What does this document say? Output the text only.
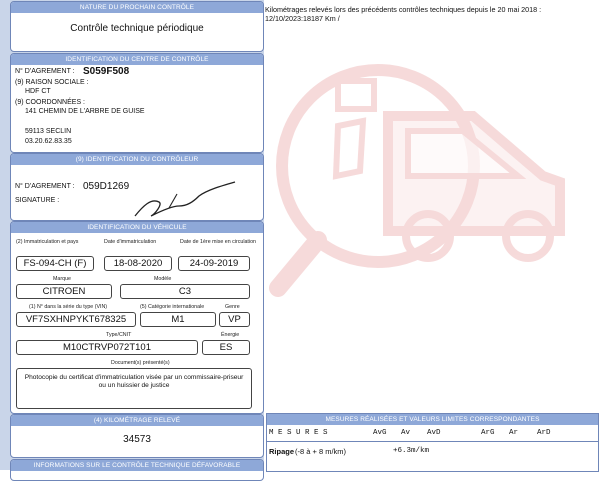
NATURE DU PROCHAIN CONTRÔLE
Contrôle technique périodique
IDENTIFICATION DU CENTRE DE CONTRÔLE
N° D'AGREMENT : S059F508
(9) RAISON SOCIALE :
HDF CT
(9) COORDONNÉES :
141 CHEMIN DE L'ARBRE DE GUISE
59113 SECLIN
03.20.62.83.35
(9) IDENTIFICATION DU CONTRÔLEUR
N° D'AGREMENT : 059D1269
SIGNATURE :
IDENTIFICATION DU VÉHICULE
(2) Immatriculation et pays	Date d'immatriculation	Date de 1ère mise en circulation
FS-094-CH (F)	18-08-2020	24-09-2019
Marque	Modèle
CITROEN	C3
(1) N° dans la série du type (VIN)	(5) Catégorie internationale	Genre
VF7SXHNPYKT678325	M1	VP
Type/CNIT	Énergie
M10CTRVP072T101	ES
Document(s) présenté(s)
Photocopie du certificat d'immatriculation visée par un commissaire-priseur ou un huissier de justice
(4) KILOMÉTRAGE RELEVÉ
34573
INFORMATIONS SUR LE CONTRÔLE TECHNIQUE DÉFAVORABLE
Kilométrages relevés lors des précédents contrôles techniques depuis le 20 mai 2018 : 12/10/2023:18187 Km /
MESURES RÉALISÉES ET VALEURS LIMITES CORRESPONDANTES
M E S U R E S	AvG Av AvD	ArG Ar	ArD
Ripage (-8 à + 8 m/km)	+6.3m/km
